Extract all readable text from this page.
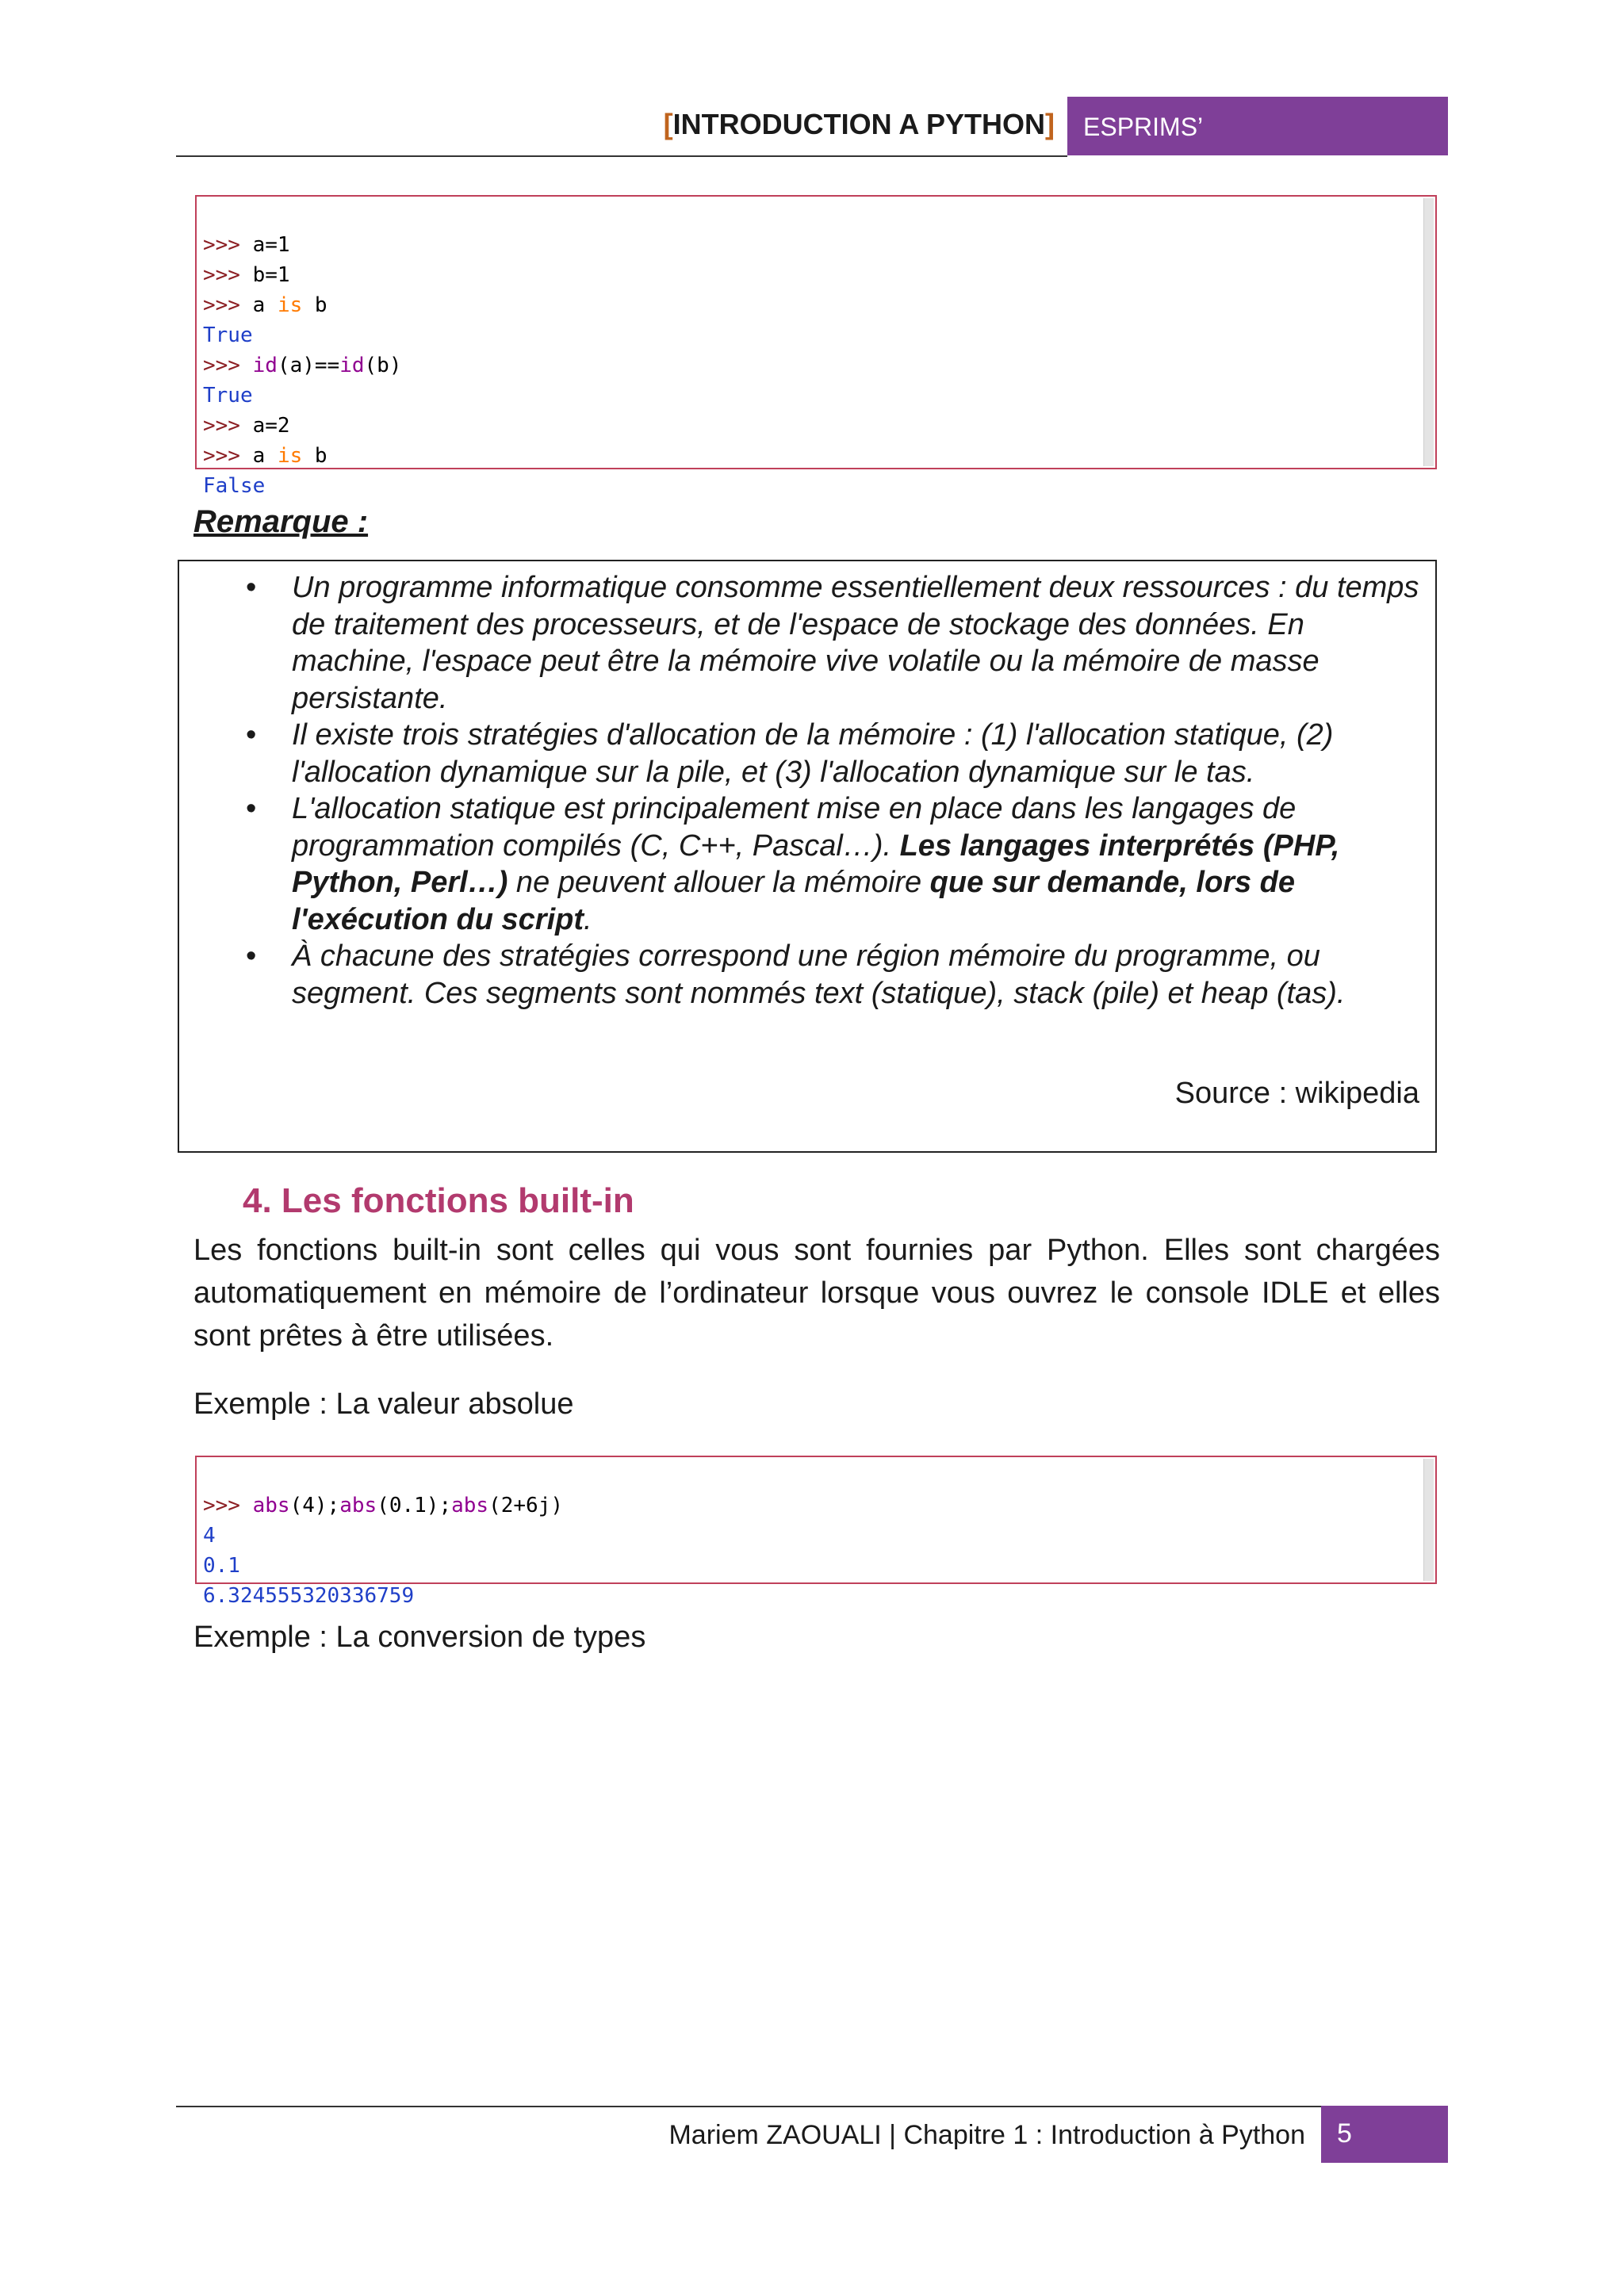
[INTRODUCTION A PYTHON]	ESPRIMS’

>>> a=1
>>> b=1
>>> a is b
True
>>> id(a)==id(b)
True
>>> a=2
>>> a is b
False

Remarque :
• Un programme informatique consomme essentiellement deux ressources : du temps de traitement des processeurs, et de l'espace de stockage des données. En machine, l'espace peut être la mémoire vive volatile ou la mémoire de masse persistante.
• Il existe trois stratégies d'allocation de la mémoire : (1) l'allocation statique, (2) l'allocation dynamique sur la pile, et (3) l'allocation dynamique sur le tas.
• L'allocation statique est principalement mise en place dans les langages de programmation compilés (C, C++, Pascal…). Les langages interprétés (PHP, Python, Perl…) ne peuvent allouer la mémoire que sur demande, lors de l'exécution du script.
• À chacune des stratégies correspond une région mémoire du programme, ou segment. Ces segments sont nommés text (statique), stack (pile) et heap (tas).
Source : wikipedia
4. Les fonctions built-in
Les fonctions built-in sont celles qui vous sont fournies par Python. Elles sont chargées automatiquement en mémoire de l’ordinateur lorsque vous ouvrez le console IDLE et elles sont prêtes à être utilisées.
Exemple : La valeur absolue

>>> abs(4);abs(0.1);abs(2+6j)
4
0.1
6.324555320336759

Exemple : La conversion de types
Mariem ZAOUALI | Chapitre 1 : Introduction à Python	5
